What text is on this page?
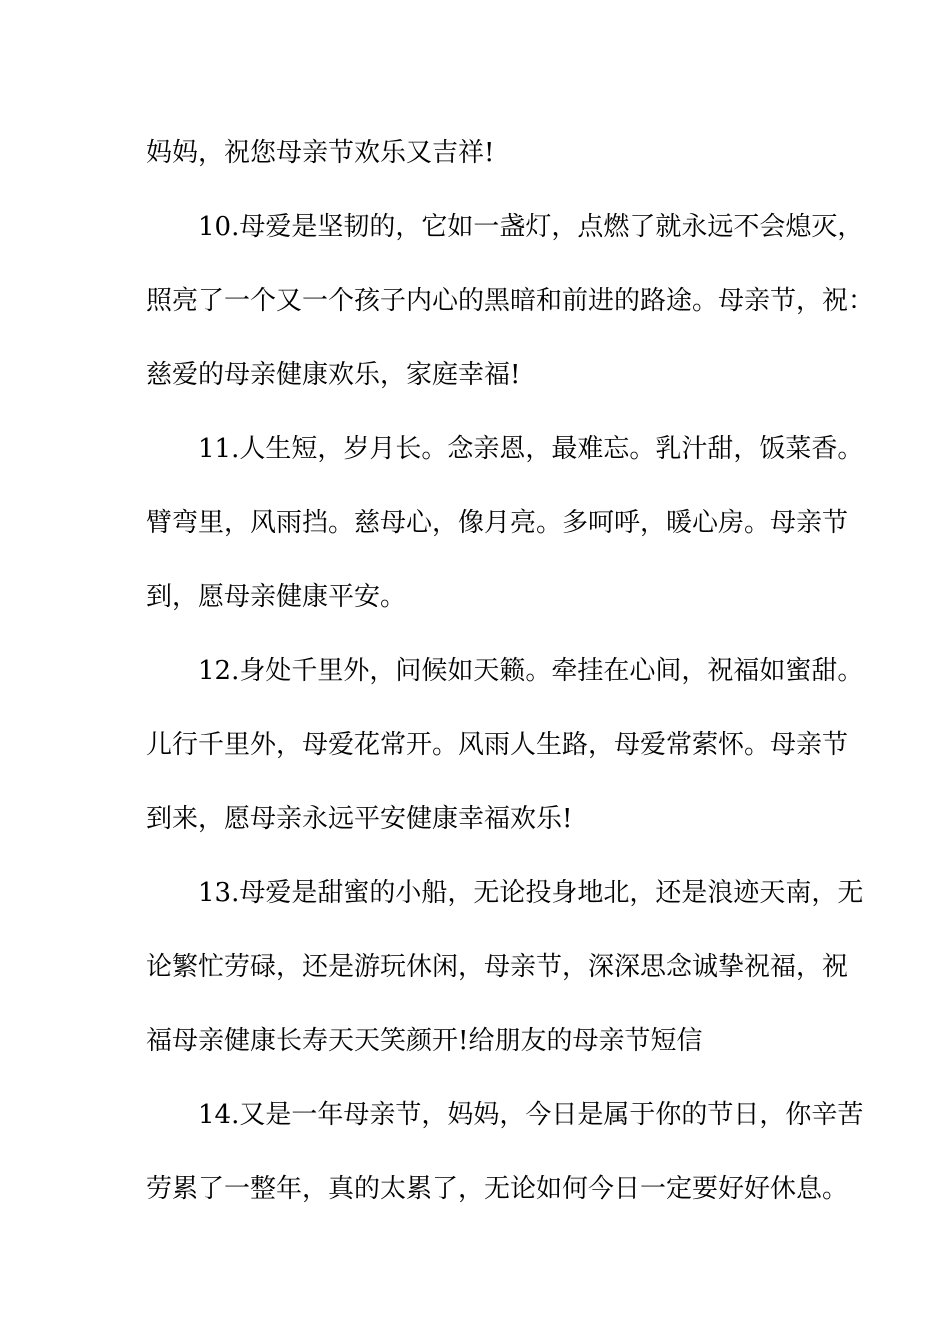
妈妈，祝您母亲节欢乐又吉祥!
10.母爱是坚韧的，它如一盏灯，点燃了就永远不会熄灭，
照亮了一个又一个孩子内心的黑暗和前进的路途。母亲节，祝：
慈爱的母亲健康欢乐，家庭幸福!
11.人生短，岁月长。念亲恩，最难忘。乳汁甜，饭菜香。
臂弯里，风雨挡。慈母心，像月亮。多呵呼，暖心房。母亲节
到，愿母亲健康平安。
12.身处千里外，问候如天籁。牵挂在心间，祝福如蜜甜。
儿行千里外，母爱花常开。风雨人生路，母爱常萦怀。母亲节
到来，愿母亲永远平安健康幸福欢乐!
13.母爱是甜蜜的小船，无论投身地北，还是浪迹天南，无
论繁忙劳碌，还是游玩休闲，母亲节，深深思念诚挚祝福，祝
福母亲健康长寿天天笑颜开!给朋友的母亲节短信
14.又是一年母亲节，妈妈，今日是属于你的节日，你辛苦
劳累了一整年，真的太累了，无论如何今日一定要好好休息。
